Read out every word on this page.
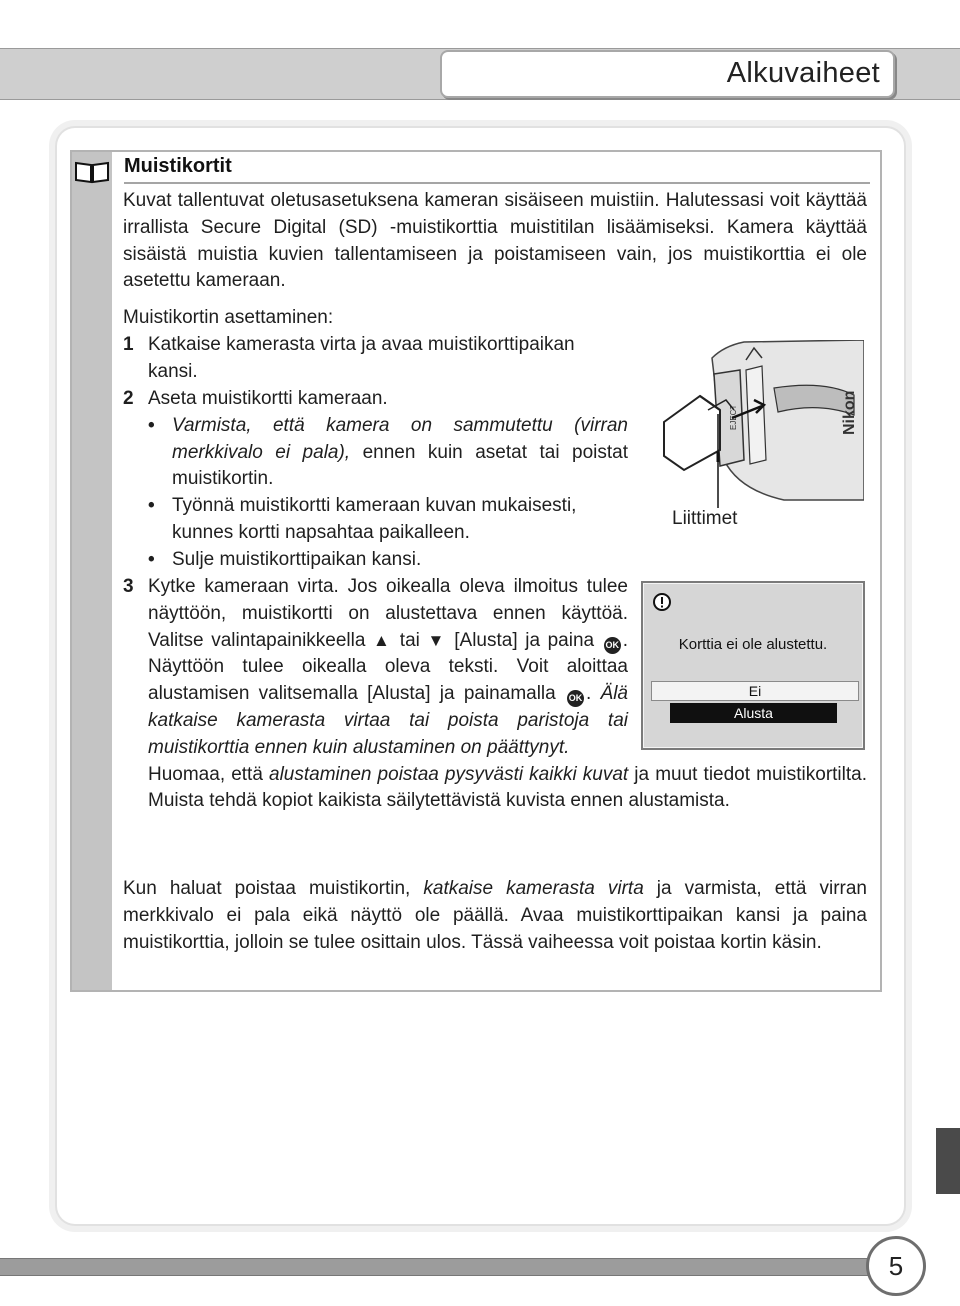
Alkuvaiheet
Muistikortit
Kuvat tallentuvat oletusasetuksena kameran sisäiseen muistiin. Halutessasi voit käyttää irrallista Secure Digital (SD) -muistikorttia muistitilan lisäämiseksi. Kamera käyttää sisäistä muistia kuvien tallentamiseen ja poistamiseen vain, jos muistikorttia ei ole asetettu kameraan.
Muistikortin asettaminen:
1 Katkaise kamerasta virta ja avaa muistikorttipaikan kansi.
2 Aseta muistikortti kameraan.
• Varmista, että kamera on sammutettu (virran merkkivalo ei pala), ennen kuin asetat tai poistat muistikortin.
• Työnnä muistikortti kameraan kuvan mukaisesti, kunnes kortti napsahtaa paikalleen.
• Sulje muistikorttipaikan kansi.
3 Kytke kameraan virta. Jos oikealla oleva ilmoitus tulee näyttöön, muistikortti on alustettava ennen käyttöä. Valitse valintapainikkeella ▲ tai ▼ [Alusta] ja paina OK . Näyttöön tulee oikealla oleva teksti. Voit aloittaa alustamisen valitsemalla [Alusta] ja painamalla OK . Älä katkaise kamerasta virtaa tai poista paristoja tai muistikorttia ennen kuin alustaminen on päättynyt.
Huomaa, että alustaminen poistaa pysyvästi kaikki kuvat ja muut tiedot muistikortilta. Muista tehdä kopiot kaikista säilytettävistä kuvista ennen alustamista.
Kun haluat poistaa muistikortin, katkaise kamerasta virta ja varmista, että virran merkkivalo ei pala eikä näyttö ole päällä. Avaa muistikorttipaikan kansi ja paina muistikorttia, jolloin se tulee osittain ulos. Tässä vaiheessa voit poistaa kortin käsin.
Nikon
EJECT
Liittimet
Korttia ei ole alustettu.
Ei
Alusta
5
